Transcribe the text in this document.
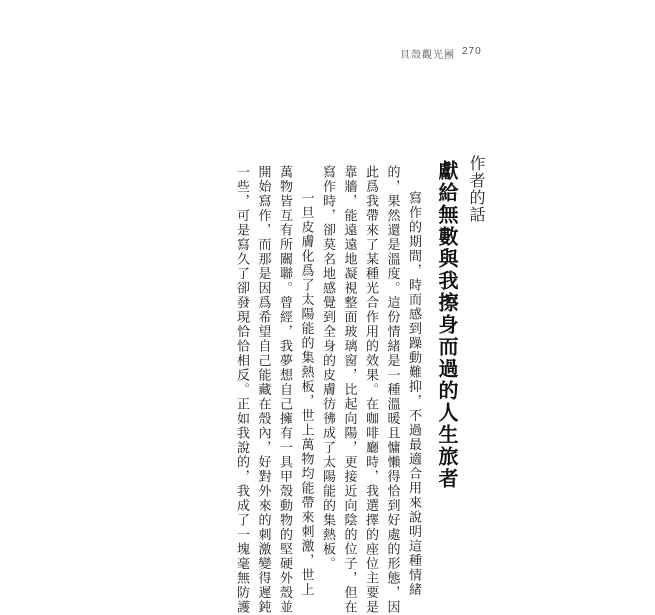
貝殼觀光團 270
作者的話
獻給無數與我擦身而過的人生旅者
寫作的期間，時而感到躁動難抑，不過最適合用來說明這種情緒
的，果然還是溫度。這份情緒是一種溫暖且慵懶得恰到好處的形態，因
此爲我帶來了某種光合作用的效果。在咖啡廳時，我選擇的座位主要是
靠牆，能遠遠地凝視整面玻璃窗，比起向陽，更接近向陰的位子，但在
寫作時，卻莫名地感覺到全身的皮膚彷彿成了太陽能的集熱板。
一旦皮膚化爲了太陽能的集熱板，世上萬物均能帶來刺激，世上
萬物皆互有所關聯。曾經，我夢想自己擁有一具甲殼動物的堅硬外殼並
開始寫作，而那是因爲希望自己能藏在殼內，好對外來的刺激變得遲鈍
一些，可是寫久了卻發現恰恰相反。正如我說的，我成了一塊毫無防護
